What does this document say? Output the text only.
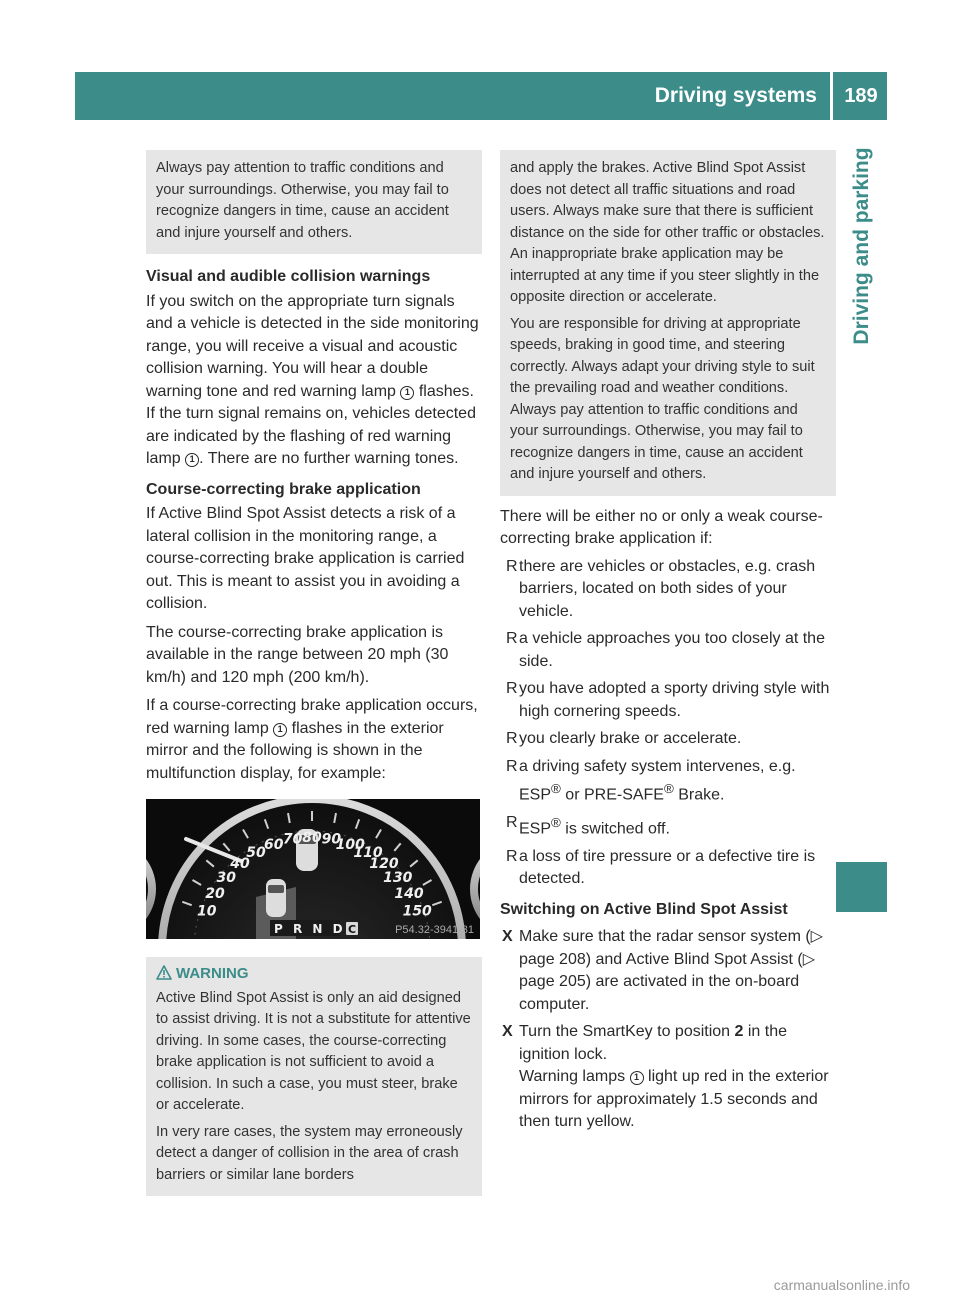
Driving systems	189
Driving and parking

Always pay attention to traffic conditions and your surroundings. Otherwise, you may fail to recognize dangers in time, cause an accident and injure yourself and others.

Visual and audible collision warnings

If you switch on the appropriate turn signals and a vehicle is detected in the side monitoring range, you will receive a visual and acoustic collision warning. You will hear a double warning tone and red warning lamp 1 flashes. If the turn signal remains on, vehicles detected are indicated by the flashing of red warning lamp 1 . There are no further warning tones.

Course-correcting brake application

If Active Blind Spot Assist detects a risk of a lateral collision in the monitoring range, a course-correcting brake application is carried out. This is meant to assist you in avoiding a collision.

The course-correcting brake application is available in the range between 20 mph (30 km/h) and 120 mph (200 km/h).

If a course-correcting brake application occurs, red warning lamp 1 flashes in the exterior mirror and the following is shown in the multifunction display, for example:

10
20
30
40
50
60 70 80 90
100
110
120
130
140
150
P R N D C	P54.32-3941-31

WARNING

Active Blind Spot Assist is only an aid designed to assist driving. It is not a substitute for attentive driving. In some cases, the course-correcting brake application is not sufficient to avoid a collision. In such a case, you must steer, brake or accelerate.

In very rare cases, the system may erroneously detect a danger of collision in the area of crash barriers or similar lane borders

and apply the brakes. Active Blind Spot Assist does not detect all traffic situations and road users. Always make sure that there is sufficient distance on the side for other traffic or obstacles. An inappropriate brake application may be interrupted at any time if you steer slightly in the opposite direction or accelerate.

You are responsible for driving at appropriate speeds, braking in good time, and steering correctly. Always adapt your driving style to suit the prevailing road and weather conditions. Always pay attention to traffic conditions and your surroundings. Otherwise, you may fail to recognize dangers in time, cause an accident and injure yourself and others.

There will be either no or only a weak course-correcting brake application if:

R there are vehicles or obstacles, e.g. crash barriers, located on both sides of your vehicle.
R a vehicle approaches you too closely at the side.
R you have adopted a sporty driving style with high cornering speeds.
R you clearly brake or accelerate.
R a driving safety system intervenes, e.g. ESP® or PRE-SAFE® Brake.
R ESP® is switched off.
R a loss of tire pressure or a defective tire is detected.

Switching on Active Blind Spot Assist

X Make sure that the radar sensor system (▷ page 208) and Active Blind Spot Assist (▷ page 205) are activated in the on-board computer.
X Turn the SmartKey to position 2 in the ignition lock.
Warning lamps 1 light up red in the exterior mirrors for approximately 1.5 seconds and then turn yellow.
carmanualsonline.info
